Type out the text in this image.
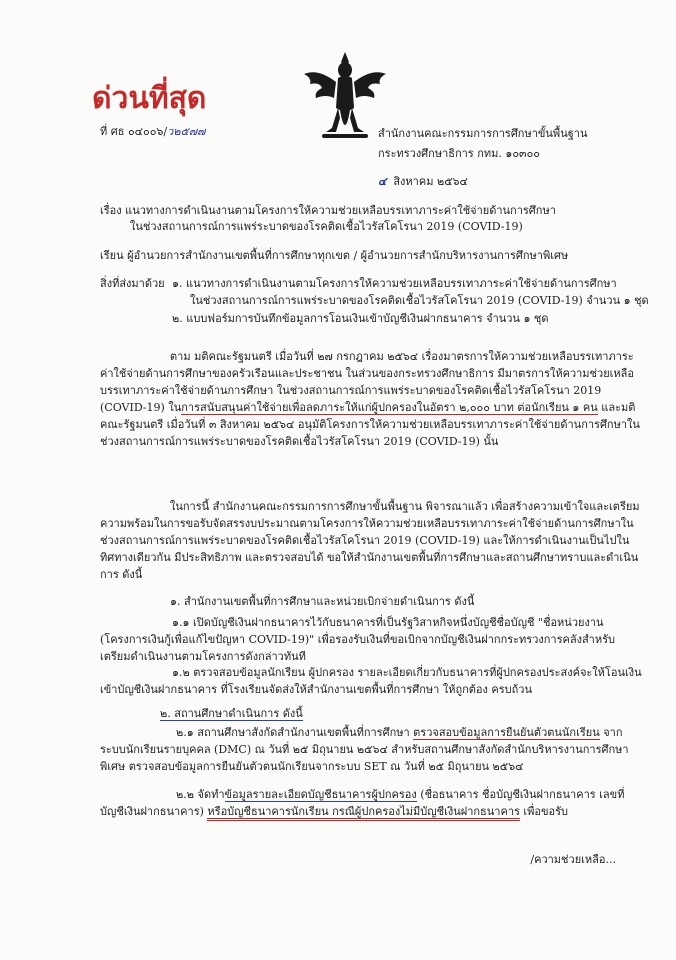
ด่วนที่สุด
ที่ ศธ ๐๔๐๐๖/ว๒๕๗๗	สำนักงานคณะกรรมการการศึกษาขั้นพื้นฐาน
กระทรวงศึกษาธิการ กทม. ๑๐๓๐๐
๔ สิงหาคม ๒๕๖๔
เรื่อง แนวทางการดำเนินงานตามโครงการให้ความช่วยเหลือบรรเทาภาระค่าใช้จ่ายด้านการศึกษา
ในช่วงสถานการณ์การแพร่ระบาดของโรคติดเชื้อไวรัสโคโรนา 2019 (COVID-19)
เรียน ผู้อำนวยการสำนักงานเขตพื้นที่การศึกษาทุกเขต / ผู้อำนวยการสำนักบริหารงานการศึกษาพิเศษ
สิ่งที่ส่งมาด้วย ๑. แนวทางการดำเนินงานตามโครงการให้ความช่วยเหลือบรรเทาภาระค่าใช้จ่ายด้านการศึกษา
ในช่วงสถานการณ์การแพร่ระบาดของโรคติดเชื้อไวรัสโคโรนา 2019 (COVID-19) จำนวน ๑ ชุด
๒. แบบฟอร์มการบันทึกข้อมูลการโอนเงินเข้าบัญชีเงินฝากธนาคาร จำนวน ๑ ชุด
ตาม มติคณะรัฐมนตรี เมื่อวันที่ ๒๗ กรกฎาคม ๒๕๖๔ เรื่องมาตรการให้ความช่วยเหลือบรรเทาภาระค่าใช้จ่ายด้านการศึกษาของครัวเรือนและประชาชน ในส่วนของกระทรวงศึกษาธิการ มีมาตรการให้ความช่วยเหลือบรรเทาภาระค่าใช้จ่ายด้านการศึกษา ในช่วงสถานการณ์การแพร่ระบาดของโรคติดเชื้อไวรัสโคโรนา 2019 (COVID-19) ในการสนับสนุนค่าใช้จ่ายเพื่อลดภาระให้แก่ผู้ปกครองในอัตรา ๒,๐๐๐ บาท ต่อนักเรียน ๑ คน และมติคณะรัฐมนตรี เมื่อวันที่ ๓ สิงหาคม ๒๕๖๔ อนุมัติโครงการให้ความช่วยเหลือบรรเทาภาระค่าใช้จ่ายด้านการศึกษาในช่วงสถานการณ์การแพร่ระบาดของโรคติดเชื้อไวรัสโคโรนา 2019 (COVID-19) นั้น
ในการนี้ สำนักงานคณะกรรมการการศึกษาขั้นพื้นฐาน พิจารณาแล้ว เพื่อสร้างความเข้าใจและเตรียมความพร้อมในการขอรับจัดสรรงบประมาณตามโครงการให้ความช่วยเหลือบรรเทาภาระค่าใช้จ่ายด้านการศึกษาในช่วงสถานการณ์การแพร่ระบาดของโรคติดเชื้อไวรัสโคโรนา 2019 (COVID-19) และให้การดำเนินงานเป็นไปในทิศทางเดียวกัน มีประสิทธิภาพ และตรวจสอบได้ ขอให้สำนักงานเขตพื้นที่การศึกษาและสถานศึกษาทราบและดำเนินการ ดังนี้
๑. สำนักงานเขตพื้นที่การศึกษาและหน่วยเบิกจ่ายดำเนินการ ดังนี้
๑.๑ เปิดบัญชีเงินฝากธนาคารไว้กับธนาคารที่เป็นรัฐวิสาหกิจหนึ่งบัญชีชื่อบัญชี "ชื่อหน่วยงาน (โครงการเงินกู้เพื่อแก้ไขปัญหา COVID-19)" เพื่อรองรับเงินที่ขอเบิกจากบัญชีเงินฝากกระทรวงการคลังสำหรับเตรียมดำเนินงานตามโครงการดังกล่าวทันที
๑.๒ ตรวจสอบข้อมูลนักเรียน ผู้ปกครอง รายละเอียดเกี่ยวกับธนาคารที่ผู้ปกครองประสงค์จะให้โอนเงินเข้าบัญชีเงินฝากธนาคาร ที่โรงเรียนจัดส่งให้สำนักงานเขตพื้นที่การศึกษา ให้ถูกต้อง ครบถ้วน
๒. สถานศึกษาดำเนินการ ดังนี้
๒.๑ สถานศึกษาสังกัดสำนักงานเขตพื้นที่การศึกษา ตรวจสอบข้อมูลการยืนยันตัวตนนักเรียน จากระบบนักเรียนรายบุคคล (DMC) ณ วันที่ ๒๕ มิถุนายน ๒๕๖๔ สำหรับสถานศึกษาสังกัดสำนักบริหารงานการศึกษาพิเศษ ตรวจสอบข้อมูลการยืนยันตัวตนนักเรียนจากระบบ SET ณ วันที่ ๒๕ มิถุนายน ๒๕๖๔
๒.๒ จัดทำข้อมูลรายละเอียดบัญชีธนาคารผู้ปกครอง (ชื่อธนาคาร ชื่อบัญชีเงินฝากธนาคาร เลขที่บัญชีเงินฝากธนาคาร) หรือบัญชีธนาคารนักเรียน กรณีผู้ปกครองไม่มีบัญชีเงินฝากธนาคาร เพื่อขอรับ
/ความช่วยเหลือ...
